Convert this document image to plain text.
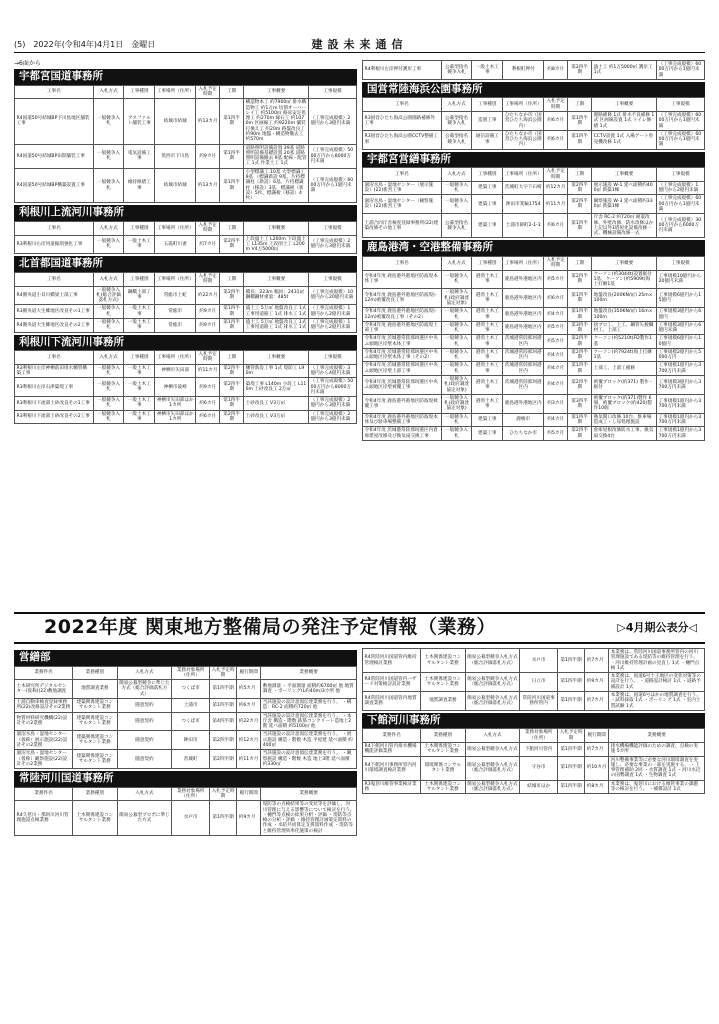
(5)　2022年(令和4年)4月1日　金曜日	建設未来通信
→6面から
宇都宮国道事務所
工事名	入札方式	工事種別	工事場所（住所）	入札予定時期	工期	工事概要	工事規模
R4国道50号結城BP下川島地区舗装工事	一般競争入札	アスファルト舗装工事	結城市結城	約13カ月	第1四半期	構造物本工 約7900㎡ 排水構造物工 約1万m 切削オーバーレイ工 約5100㎡ 路床安定処理工 約270m 縁石工 約1070m 区画線工 約9220m 舗装打換え工 約20m 路盤改良工 約90m 地盤・構造物撤去工 約570m	（工事完成規模）2億円から3億円未満
R4国道50号結城BP田間舗装工事	一般競争入札	電気設備工事	筑西市下川島	約9カ月	第1四半期	道路照明設備設置 39基 道路照明設備基礎設置 20基 道路照明設備撤去 9基 配線・配管工 1式 作業土工 1式	（工事完成規模）5000万円から8000万円未満
R4国道50号結城BP構築設置工事	一般競争入札	維持修繕工事	結城市結城	約13カ月	第1四半期	小型標識工 10基 大型標識工 9基 （標識新設 9基、片持標識柱（新設）6基、片持標識柱（移設）3基、標識板（新設）5枚、標識板（移設）4枚）	（工事完成規模）6000万円から1億円未満
利根川上流河川事務所
工事名	入札方式	工事種別	工事場所（住所）	入札予定時期	工期	工事概要	工事規模
R3利根川右岸河道掘削強化工事	一般競争入札	一般土木工事	五霞町川妻	約7カ月	第2四半期	上段盛土工 L200m 下段盛土工 L135m 上段削土工 L200m V4万5000㎥	（工事完成規模）2億円から3億円未満
北首都国道事務所
工事名	入札方式	工事種別	工事場所（住所）	入札予定時期	工期	工事概要	工事規模
R4圏央道小貝川橋梁上部工事	一般競争入札(総合評価落札方式)	鋼橋上部工事	常総市上蛇	約22カ月	第2四半期	橋長：223m 幅員：2431㎡ 鋼橋鋼材重量：485t	（工事完成規模）10億円から20億円未満
R3圏央道大生郷地区改良その1工事	一般競争入札	一般土木工事	常総市	約9カ月	第1四半期	盛土工 5万㎥ 地盤改良工 1式 工事用道路工 1式 排水工 1式	（工事完成規模）1億円から2億円未満
R4圏央道大生郷地区改良その2工事	一般競争入札	一般土木工事	常総市	約9カ月	第1四半期	盛土工 5万㎥ 地盤改良工 1式 工事用道路工 1式 排水工 1式	（工事完成規模）1億円から2億円未満
利根川下流河川事務所
工事名	入札方式	工事種別	工事場所（住所）	入札予定時期	工期	工事概要	工事規模
R3利根川左岸神栖前田排水樋管構築工事	一般競争入札	一般土木工事	神栖市矢田部	約11カ月	第2四半期	樋管新設工事 1式 堤防工 L90m	（工事完成規模）3億円から4億円未満
R3利根川左岸石津築堤工事	一般競争入札	一般土木工事	神栖市波崎	約9カ月	第2四半期	築堤工事 L140m 小段工 L110m 土砂改良工 2万㎥	（工事完成規模）5000万円から8000万円未満
R3利根川下流部土砂改良その1工事	一般競争入札	一般土木工事	神栖市矢田部ほか1カ所	約6カ月	第1四半期	土砂改良工 V3万㎥	（工事完成規模）2億円から3億円未満
R3利根川下流部土砂改良その2工事	一般競争入札	一般土木工事	神栖市矢田部ほか1カ所	約6カ月	第2四半期	土砂改良工 V3万㎥	（工事完成規模）2億円から3億円未満
R4利根川左岸押付護岸工事	公募型指名競争入札	一般土木工事	利根町押付	約8カ月	第2四半期	盛土工 約1万5000㎥ 護岸工 1式	（工事完成規模）6000万円から1億円未満
国営常陸海浜公園事務所
工事名	入札方式	工事種別	工事場所（住所）	入札予定時期	工期	工事概要	工事規模
R3国営ひたち海浜公園園路補修外工事	公募型指名競争入札	造園工事	ひたちなか市（国営ひたち海浜公園内）	約6カ月	第1四半期	園路補修 1式 排水不良補修 1式 区画線設置 1式 トイレ修繕 1式	（工事完成規模）6000万円から1億円未満
R3国営ひたち海浜公園CCTV整備工事	公募型指名競争入札	通信設備工事	ひたちなか市（国営ひたち海浜公園内）	約6カ月	第1四半期	CCTV設置 1式 入場ゲート券売機改修 1式	（工事完成規模）6000万円から1億円未満
宇都宮営繕事務所
工事名	入札方式	工事種別	工事場所（住所）	入札予定時期	工期	工事概要	工事規模
涸沼水鳥・湿地センター（展示施設）(22)新営工事	一般競争入札	建築工事	茨城町大字下石崎	約12カ月	第2四半期	展示施設 W-1 延べ面積約400㎡ 新築1棟	（工事完成規模）1億円から2億円未満
涸沼水鳥・湿地センター（観察施設）(22)新営工事	一般競争入札	建築工事	鉾田市箕輪1754	約11カ月	第2四半期	観察施設 W-3 延べ面積約330㎡ 新築1棟	（工事完成規模）6000万円から1億円未満
土浦合同庁舎検査登録事務所(22)建築改修その他工事	公募型指名競争入札	建築工事	土浦市卸町2-1-3	約6カ月	第1四半期	庁舎 RC-2 約720㎡ 耐震改修、外壁改修、防水改修ほか 上記以外1塔屋化設備改修一式、機械設備改修一式	（工事完成規模）3000万円から6000万円未満
鹿島港湾・空港整備事務所
工事名	入札方式	工事種別	工事場所（住所）	入札予定時期	工期	工事概要	工事規模
令和4年度 鹿島港外港地区防波堤本体工事	一般競争入札	港湾土木工事	鹿島港外港地区内	約5カ月	第2四半期	ケーソン(約3044t)設置据付1基、ケーソン(約5909t)海上打継1基	工事規模10億円から20億円未満
令和4年度 鹿島港外港地区防波堤(-12m)被覆改良工事	一般競争入札(政府調達協定対象)	港湾土木工事	鹿島港外港地区内	約6カ月	第1四半期	地盤改良(200KN/㎡) 25m×100m	工事規模6億円から15億円
令和4年度 鹿島港外港地区防波堤(-12m)被覆改良工事（その2）	一般競争入札	港湾土木工事	鹿島港外港地区内	約4カ月	第1四半期	地盤改良(350KN/㎡) 16m×100m	工事規模3億円から6億円
令和4年度 鹿島港外港地区防波堤上部工事	一般競争入札	港湾土木工事	鹿島港外港地区内	約5カ月	第3四半期	捨ブロ工、上工、鋼管矢板鋼材工、上部工	工事規模3億円から6億円未満
令和4年度 茨城港常陸那珂港区中央ふ頭地区岸壁本体工事	一般競争入札	港湾土木工事	茨城港常陸那珂港区内	約5カ月	第2四半期	ケーソン(約5210t)FD製作1基	工事規模6億円から10億円
令和4年度 茨城港常陸那珂港区中央ふ頭地区岸壁本体工事（その2）	一般競争入札	港湾土木工事	茨城港常陸那珂港区内	約4カ月	第2四半期	ケーソン(約7924t)海上打継1基	工事規模2億円から5000万円
令和4年度 茨城港常陸那珂港区中央ふ頭地区岸壁上部工事	一般競争入札	港湾土木工事	茨城港常陸那珂港区内	約4カ月	第1四半期	上部工、上部工補修	工事規模1億円から3700万円未満
令和4年度 茨城港常陸那珂港区中央ふ頭地区岸壁被覆工事	一般競争入札(政府調達協定対象)	港湾土木工事	茨城港常陸那珂港区内	約4カ月	第2四半期	被覆ブロック(約371) 製作・据付	工事規模3億円から3700万円未満
令和4年度 鹿島港外港地区防波堤被覆工事	一般競争入札(政府調達協定対象)	港湾土木工事	鹿島港外港地区内	約3カ月	第3四半期	被覆ブロック(約371)製作 6個、被覆ブロック(約420)製作10個	工事規模1億円から3700万円未満
令和4年度 鹿島港外港地区防波堤本体及び駐車場整備工事	一般競争入札	建築工事	鹿嶋市	約4カ月	第1四半期	換気開口改修 10台、駐車場造成工・し尿処理施設	工事規模1億円から3700万円未満
令和4年度 茨城港常陸那珂港区内倉庫建屋改修及び換気扇交換工事	一般競争入札	建築工事	ひたちなか市	約5カ月	第2四半期	倉庫屋根改修防水工事、換気扇交換4台	工事規模1億円から3700万円未満
2022年度 関東地方整備局の発注予定情報（業務）	▷4月期公表分◁
営繕部
業務件名	業務種別	入札方式	業務対象場所（住所）	入札予定時期	履行期間	業務概要
土木研究所デジタルセンター(仮称)(22)敷地調査	地質調査業務	簡易公募型競争に準じた方式（総合評価落札方式）	つくば市	第1四半期	約5カ月	敷地測量 ・平面測量 面積約6700㎡ 他 地質調査 ・ボーリング(L約40m)3カ所 他
土浦自動車検査登録事務所(22)改修設計その2業務	建築関係建設コンサルタント業務	随意契約	土浦市	第1四半期	約6カ月	当該施設の設計意図伝達業務を行う。 ・構造：RC-2 面積約720㎡ 他
物質材料研究機構(22)設計その2業務	建築関係建設コンサルタント業務	随意契約	つくば市	第4四半期	約22カ月	当該施設の設計意図伝達業務を行う。 ・本庁舎 構造・階数 鉄筋コンクリート造地上2階 延べ面積 約5100㎡ 他
涸沼水鳥・湿地センター（仮称）展示施設(22)設計その2業務	建築関係建設コンサルタント業務	随意契約	鉾田市	第2四半期	約12カ月	当該施設の設計意図伝達業務を行う。 ・展示施設 構造・階数 木造 平屋建 延べ面積 約400㎡
涸沼水鳥・湿地センター（仮称）観察施設(22)設計その2業務	建築関係建設コンサルタント業務	随意契約	茨城町	第2四半期	約11カ月	当該施設の設計意図伝達業務を行う。 ・観察施設 構造・階数 木造 地上3階 延べ面積 約330㎡
常陸河川国道事務所
業務件名	業務種別	入札方式	業務対象場所（住所）	入札予定時期	履行期間	業務概要
R4久慈川・那珂川河川管理施設点検業務	土木関係建設コンサルタント業務	簡易公募型プロポに準じた方式	水戸市	第1四半期	約9カ月	堤防等の点検結果等の変状等を評価し、河川管理に与える影響等について検討を行う。 ・樋門等点検の結果分析・評価 ・堤防等点検の分析・評価 ・維持管理計画策定資料の作成 ・水防共同算定支援資料作成 ・堤防等と維持管理効率化施策の検討
R4常陸河川国道管内維持管理検討業務	土木関係建設コンサルタント業務	簡易公募型競争入札方式（総合評価落札方式）	水戸市	第1四半期	約7カ月	本業務は、常陸河川国道事務所管内の河川管理施設である堤防等の維持管理を行う。 ・河川維持管理計画の見直し 1式 ・樋門点検 1式
R4常陸河川国道管内ハザード対策検討設計業務	土木関係建設コンサルタント業務	簡易公募型競争入札方式（総合評価落札方式）	日立市	第1四半期	約9カ月	本業務は、国道6号十王地区の変状対策等の設計を行う。 ・道路設計検討 1式 ・道路予備設計 1式
R4常陸河川国道管内地質調査業務	地質調査業務	簡易公募型競争入札方式（総合評価落札方式）	常陸河川国道事務所管内	第1四半期	約7カ月	本業務は、国道6号ほかの地質調査を行う。 ・試料採取 1式 ・ボーリング 1式 ・室内土質試験 1式
下館河川事務所
業務件名	業務種別	入札方式	業務対象場所（住所）	入札予定時期	履行期間	業務概要
R4下館河川管内排水機場機能評価業務	土木関係建設コンサルタント業務	簡易公募型競争入札方式	下館河川管内	第1四半期	約7カ月	排水機場機能評価のための調査、点検の実施 5カ所
R4下館河川事務所管内河川環境調査検討業務	環境関係コンサルタント業務	簡易公募型競争入札方式（総合評価落札方式）	守谷市	第1四半期	約10カ月	河川整備事業等に必要な河川環境調査を実施し、必要な事業の一部を実施する。 ・工事管理補助 2回 ・水質調査 1式 ・河川水辺の国勢調査 1式 ・生物調査 1式
R3鬼怒川維管事業検討業務	土木関係建設コンサルタント業務	簡易公募型競争入札方式（総合評価落札方式）	結城市ほか	第1四半期	約8カ月	本業務は、鬼怒川における維管事業の課題等の検討を行う。 ・補償設計 1式
